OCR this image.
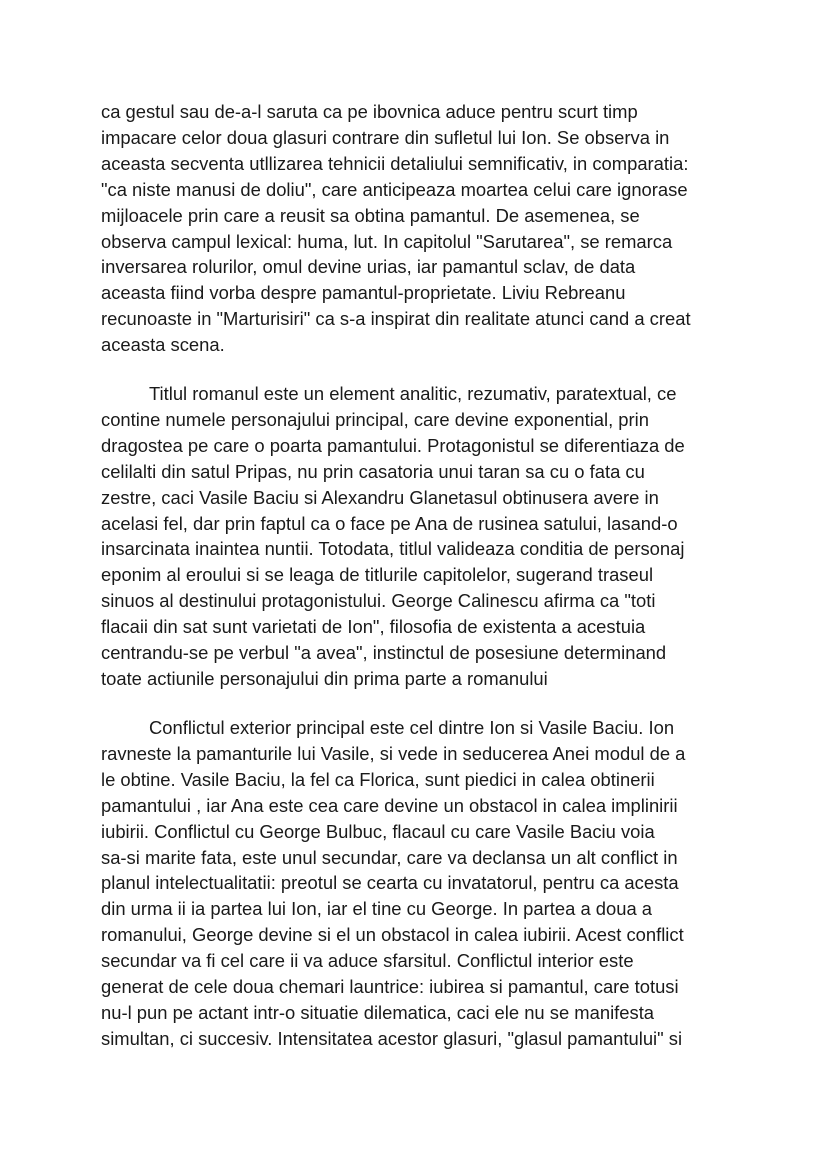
ca gestul sau de-a-l saruta ca pe ibovnica aduce pentru scurt timp
impacare celor doua glasuri contrare din sufletul lui Ion. Se observa in
aceasta secventa utllizarea tehnicii detaliului semnificativ, in comparatia:
"ca niste manusi de doliu", care anticipeaza moartea celui care ignorase
mijloacele prin care a reusit sa obtina pamantul. De asemenea, se
observa campul lexical: huma, lut. In capitolul "Sarutarea", se remarca
inversarea rolurilor, omul devine urias, iar pamantul sclav, de data
aceasta fiind vorba despre pamantul-proprietate. Liviu Rebreanu
recunoaste in "Marturisiri" ca s-a inspirat din realitate atunci cand a creat
aceasta scena.
Titlul romanul este un element analitic, rezumativ, paratextual, ce
contine numele personajului principal, care devine exponential, prin
dragostea pe care o poarta pamantului. Protagonistul se diferentiaza de
celilalti din satul Pripas, nu prin casatoria unui taran sa cu o fata cu
zestre, caci Vasile Baciu si Alexandru Glanetasul obtinusera avere in
acelasi fel, dar prin faptul ca o face pe Ana de rusinea satului, lasand-o
insarcinata inaintea nuntii. Totodata, titlul valideaza conditia de personaj
eponim al eroului si se leaga de titlurile capitolelor, sugerand traseul
sinuos al destinului protagonistului. George Calinescu afirma ca "toti
flacaii din sat sunt varietati de Ion", filosofia de existenta a acestuia
centrandu-se pe verbul "a avea", instinctul de posesiune determinand
toate actiunile personajului din prima parte a romanului
Conflictul exterior principal este cel dintre Ion si Vasile Baciu. Ion
ravneste la pamanturile lui Vasile, si vede in seducerea Anei modul de a
le obtine. Vasile Baciu, la fel ca Florica, sunt piedici in calea obtinerii
pamantului , iar Ana este cea care devine un obstacol in calea implinirii
iubirii. Conflictul cu George Bulbuc, flacaul cu care Vasile Baciu voia
sa-si marite fata, este unul secundar, care va declansa un alt conflict in
planul intelectualitatii: preotul se cearta cu invatatorul, pentru ca acesta
din urma ii ia partea lui Ion, iar el tine cu George. In partea a doua a
romanului, George devine si el un obstacol in calea iubirii. Acest conflict
secundar va fi cel care ii va aduce sfarsitul. Conflictul interior este
generat de cele doua chemari launtrice: iubirea si pamantul, care totusi
nu-l pun pe actant intr-o situatie dilematica, caci ele nu se manifesta
simultan, ci succesiv. Intensitatea acestor glasuri, "glasul pamantului" si
